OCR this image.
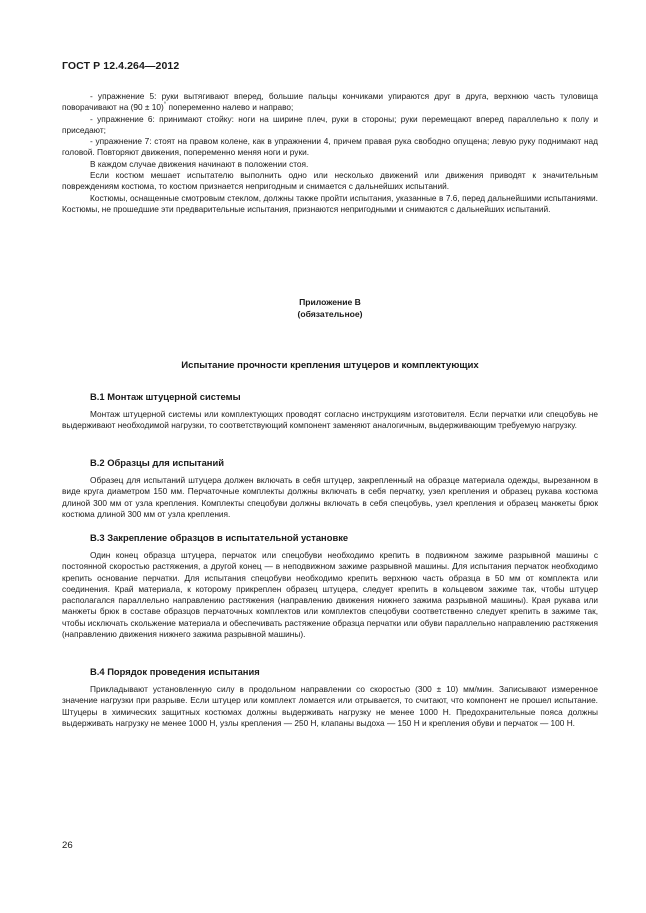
ГОСТ Р 12.4.264—2012

- упражнение 5: руки вытягивают вперед, большие пальцы кончиками упираются друг в друга, верхнюю часть туловища поворачивают на (90 ± 10)° попеременно налево и направо;

- упражнение 6: принимают стойку: ноги на ширине плеч, руки в стороны; руки перемещают вперед параллельно к полу и приседают;

- упражнение 7: стоят на правом колене, как в упражнении 4, причем правая рука свободно опущена; левую руку поднимают над головой. Повторяют движения, попеременно меняя ноги и руки.

В каждом случае движения начинают в положении стоя.

Если костюм мешает испытателю выполнить одно или несколько движений или движения приводят к значительным повреждениям костюма, то костюм признается непригодным и снимается с дальнейших испытаний.

Костюмы, оснащенные смотровым стеклом, должны также пройти испытания, указанные в 7.6, перед дальнейшими испытаниями. Костюмы, не прошедшие эти предварительные испытания, признаются непригодными и снимаются с дальнейших испытаний.

Приложение В
(обязательное)
Испытание прочности крепления штуцеров и комплектующих
В.1 Монтаж штуцерной системы

Монтаж штуцерной системы или комплектующих проводят согласно инструкциям изготовителя. Если перчатки или спецобувь не выдерживают необходимой нагрузки, то соответствующий компонент заменяют аналогичным, выдерживающим требуемую нагрузку.

В.2 Образцы для испытаний

Образец для испытаний штуцера должен включать в себя штуцер, закрепленный на образце материала одежды, вырезанном в виде круга диаметром 150 мм. Перчаточные комплекты должны включать в себя перчатку, узел крепления и образец рукава костюма длиной 300 мм от узла крепления. Комплекты спецобуви должны включать в себя спецобувь, узел крепления и образец манжеты брюк костюма длиной 300 мм от узла крепления.

В.3 Закрепление образцов в испытательной установке

Один конец образца штуцера, перчаток или спецобуви необходимо крепить в подвижном зажиме разрывной машины с постоянной скоростью растяжения, а другой конец — в неподвижном зажиме разрывной машины. Для испытания перчаток необходимо крепить основание перчатки. Для испытания спецобуви необходимо крепить верхнюю часть образца в 50 мм от комплекта или соединения. Край материала, к которому прикреплен образец штуцера, следует крепить в кольцевом зажиме так, чтобы штуцер располагался параллельно направлению растяжения (направлению движения нижнего зажима разрывной машины). Края рукава или манжеты брюк в составе образцов перчаточных комплектов или комплектов спецобуви соответственно следует крепить в зажиме так, чтобы исключать скольжение материала и обеспечивать растяжение образца перчатки или обуви параллельно направлению растяжения (направлению движения нижнего зажима разрывной машины).

В.4 Порядок проведения испытания

Прикладывают установленную силу в продольном направлении со скоростью (300 ± 10) мм/мин. Записывают измеренное значение нагрузки при разрыве. Если штуцер или комплект ломается или отрывается, то считают, что компонент не прошел испытание. Штуцеры в химических защитных костюмах должны выдерживать нагрузку не менее 1000 Н. Предохранительные пояса должны выдерживать нагрузку не менее 1000 Н, узлы крепления — 250 Н, клапаны выдоха — 150 Н и крепления обуви и перчаток — 100 Н.

26
